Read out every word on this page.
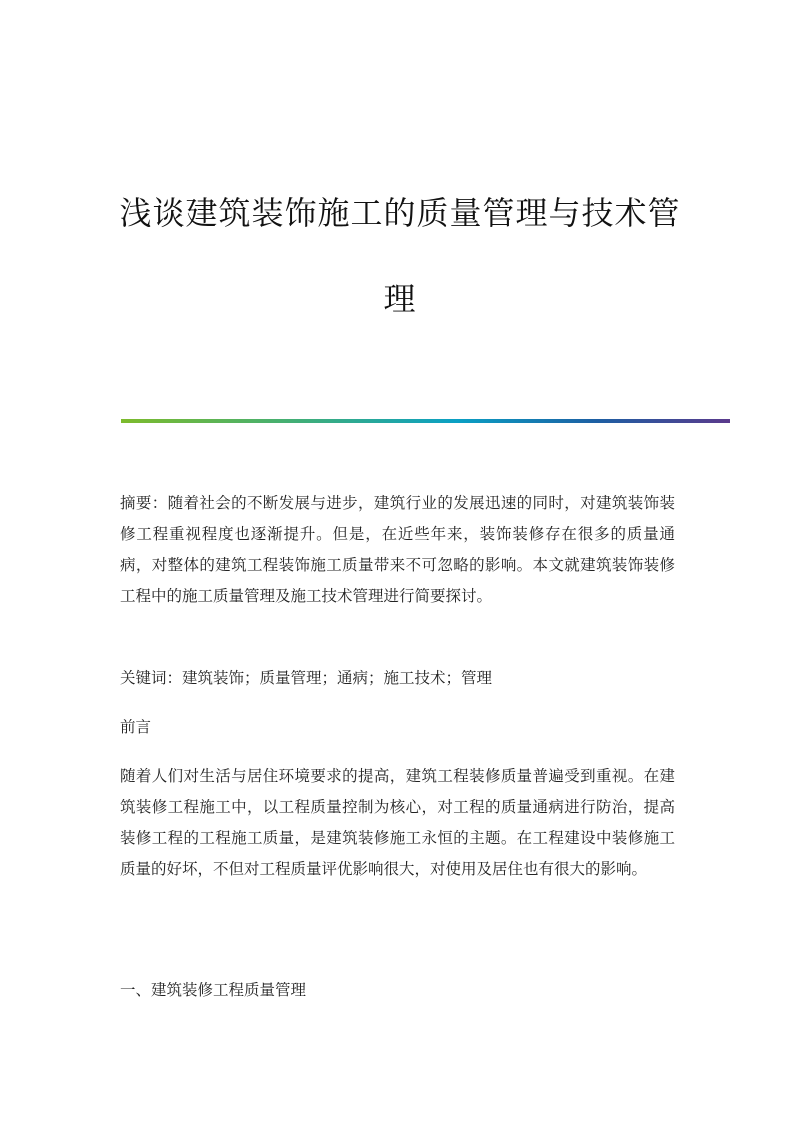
浅谈建筑装饰施工的质量管理与技术管
理

摘要：随着社会的不断发展与进步，建筑行业的发展迅速的同时，对建筑装饰装修工程重视程度也逐渐提升。但是，在近些年来，装饰装修存在很多的质量通病，对整体的建筑工程装饰施工质量带来不可忽略的影响。本文就建筑装饰装修工程中的施工质量管理及施工技术管理进行简要探讨。

关键词：建筑装饰；质量管理；通病；施工技术；管理

前言

随着人们对生活与居住环境要求的提高，建筑工程装修质量普遍受到重视。在建筑装修工程施工中，以工程质量控制为核心，对工程的质量通病进行防治，提高装修工程的工程施工质量，是建筑装修施工永恒的主题。在工程建设中装修施工质量的好坏，不但对工程质量评优影响很大，对使用及居住也有很大的影响。

一、建筑装修工程质量管理
